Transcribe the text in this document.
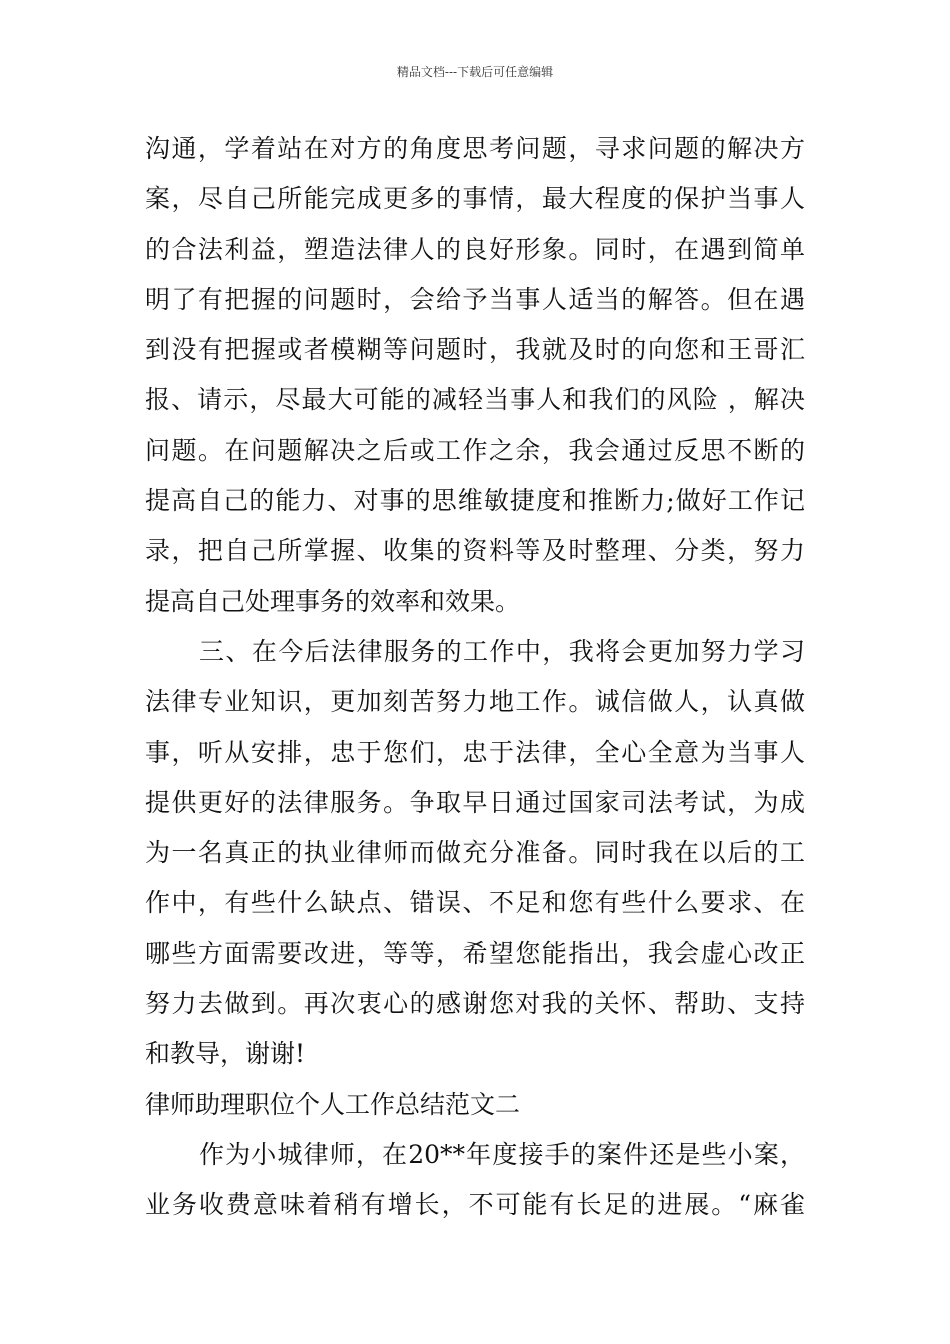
精品文档---下载后可任意编辑
沟通，学着站在对方的角度思考问题，寻求问题的解决方
案，尽自己所能完成更多的事情，最大程度的保护当事人
的合法利益，塑造法律人的良好形象。同时，在遇到简单
明了有把握的问题时，会给予当事人适当的解答。但在遇
到没有把握或者模糊等问题时，我就及时的向您和王哥汇
报、请示，尽最大可能的减轻当事人和我们的风险 ，解决
问题。在问题解决之后或工作之余，我会通过反思不断的
提高自己的能力、对事的思维敏捷度和推断力;做好工作记
录，把自己所掌握、收集的资料等及时整理、分类，努力
提高自己处理事务的效率和效果。
三、在今后法律服务的工作中，我将会更加努力学习
法律专业知识，更加刻苦努力地工作。诚信做人，认真做
事，听从安排，忠于您们，忠于法律，全心全意为当事人
提供更好的法律服务。争取早日通过国家司法考试，为成
为一名真正的执业律师而做充分准备。同时我在以后的工
作中，有些什么缺点、错误、不足和您有些什么要求、在
哪些方面需要改进，等等，希望您能指出，我会虚心改正
努力去做到。再次衷心的感谢您对我的关怀、帮助、支持
和教导，谢谢!
律师助理职位个人工作总结范文二
作为小城律师，在20**年度接手的案件还是些小案，
业务收费意味着稍有增长，不可能有长足的进展。“麻雀
